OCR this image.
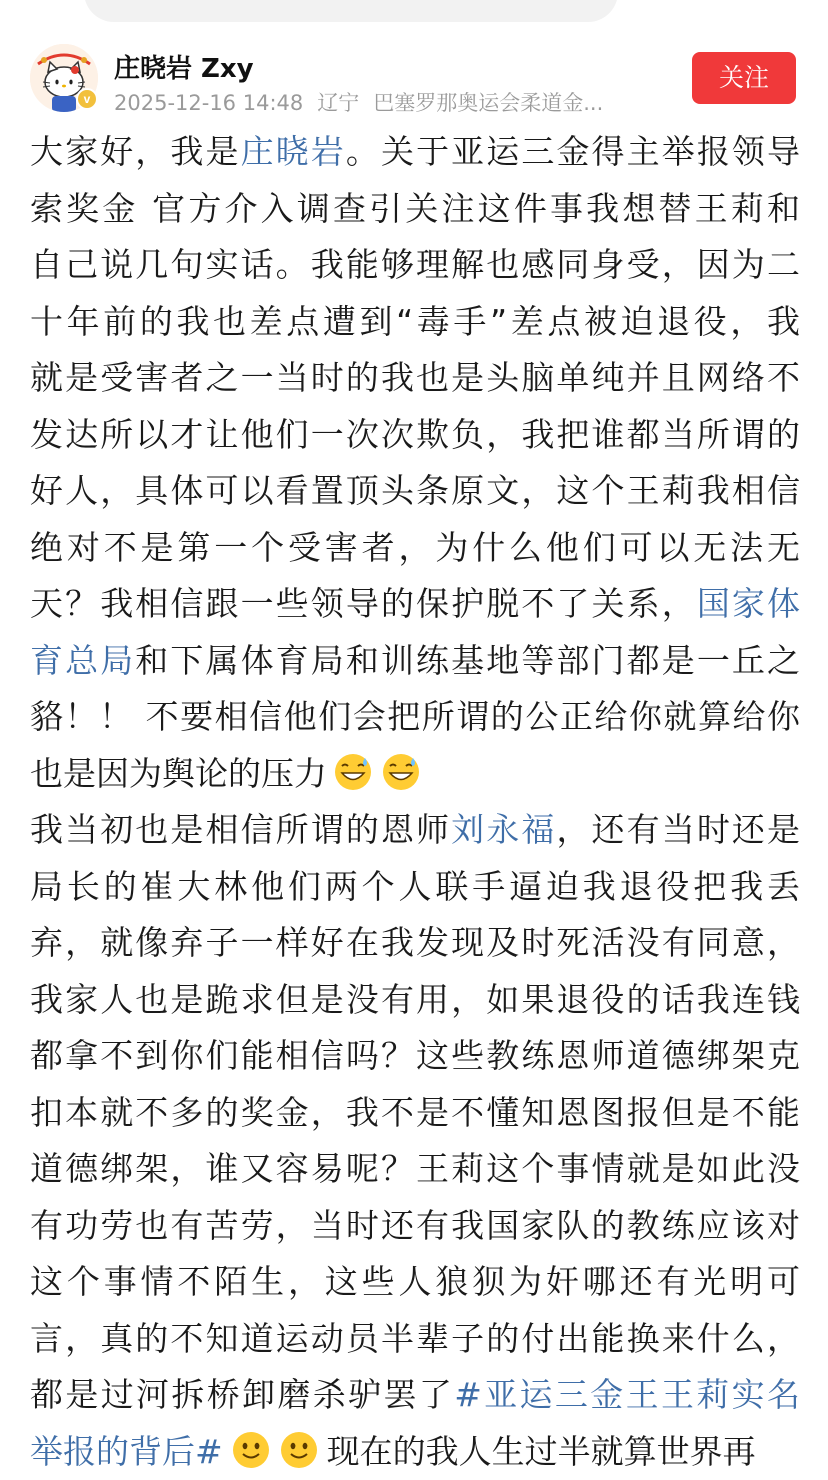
v
庄晓岩 Zxy
2025-12-16 14:48 辽宁 巴塞罗那奥运会柔道金...
关注
大家好，我是庄晓岩。关于亚运三金得主举报领导
索奖金 官方介入调查引关注这件事我想替王莉和
自己说几句实话。我能够理解也感同身受，因为二
十年前的我也差点遭到“毒手”差点被迫退役，我
就是受害者之一当时的我也是头脑单纯并且网络不
发达所以才让他们一次次欺负，我把谁都当所谓的
好人，具体可以看置顶头条原文，这个王莉我相信
绝对不是第一个受害者，为什么他们可以无法无
天？我相信跟一些领导的保护脱不了关系，国家体
育总局和下属体育局和训练基地等部门都是一丘之
貉！！ 不要相信他们会把所谓的公正给你就算给你
也是因为舆论的压力
我当初也是相信所谓的恩师刘永福，还有当时还是
局长的崔大林他们两个人联手逼迫我退役把我丢
弃，就像弃子一样好在我发现及时死活没有同意，
我家人也是跪求但是没有用，如果退役的话我连钱
都拿不到你们能相信吗？这些教练恩师道德绑架克
扣本就不多的奖金，我不是不懂知恩图报但是不能
道德绑架，谁又容易呢？王莉这个事情就是如此没
有功劳也有苦劳，当时还有我国家队的教练应该对
这个事情不陌生，这些人狼狈为奸哪还有光明可
言，真的不知道运动员半辈子的付出能换来什么，
都是过河拆桥卸磨杀驴罢了#亚运三金王王莉实名
举报的背后#	现在的我人生过半就算世界再
